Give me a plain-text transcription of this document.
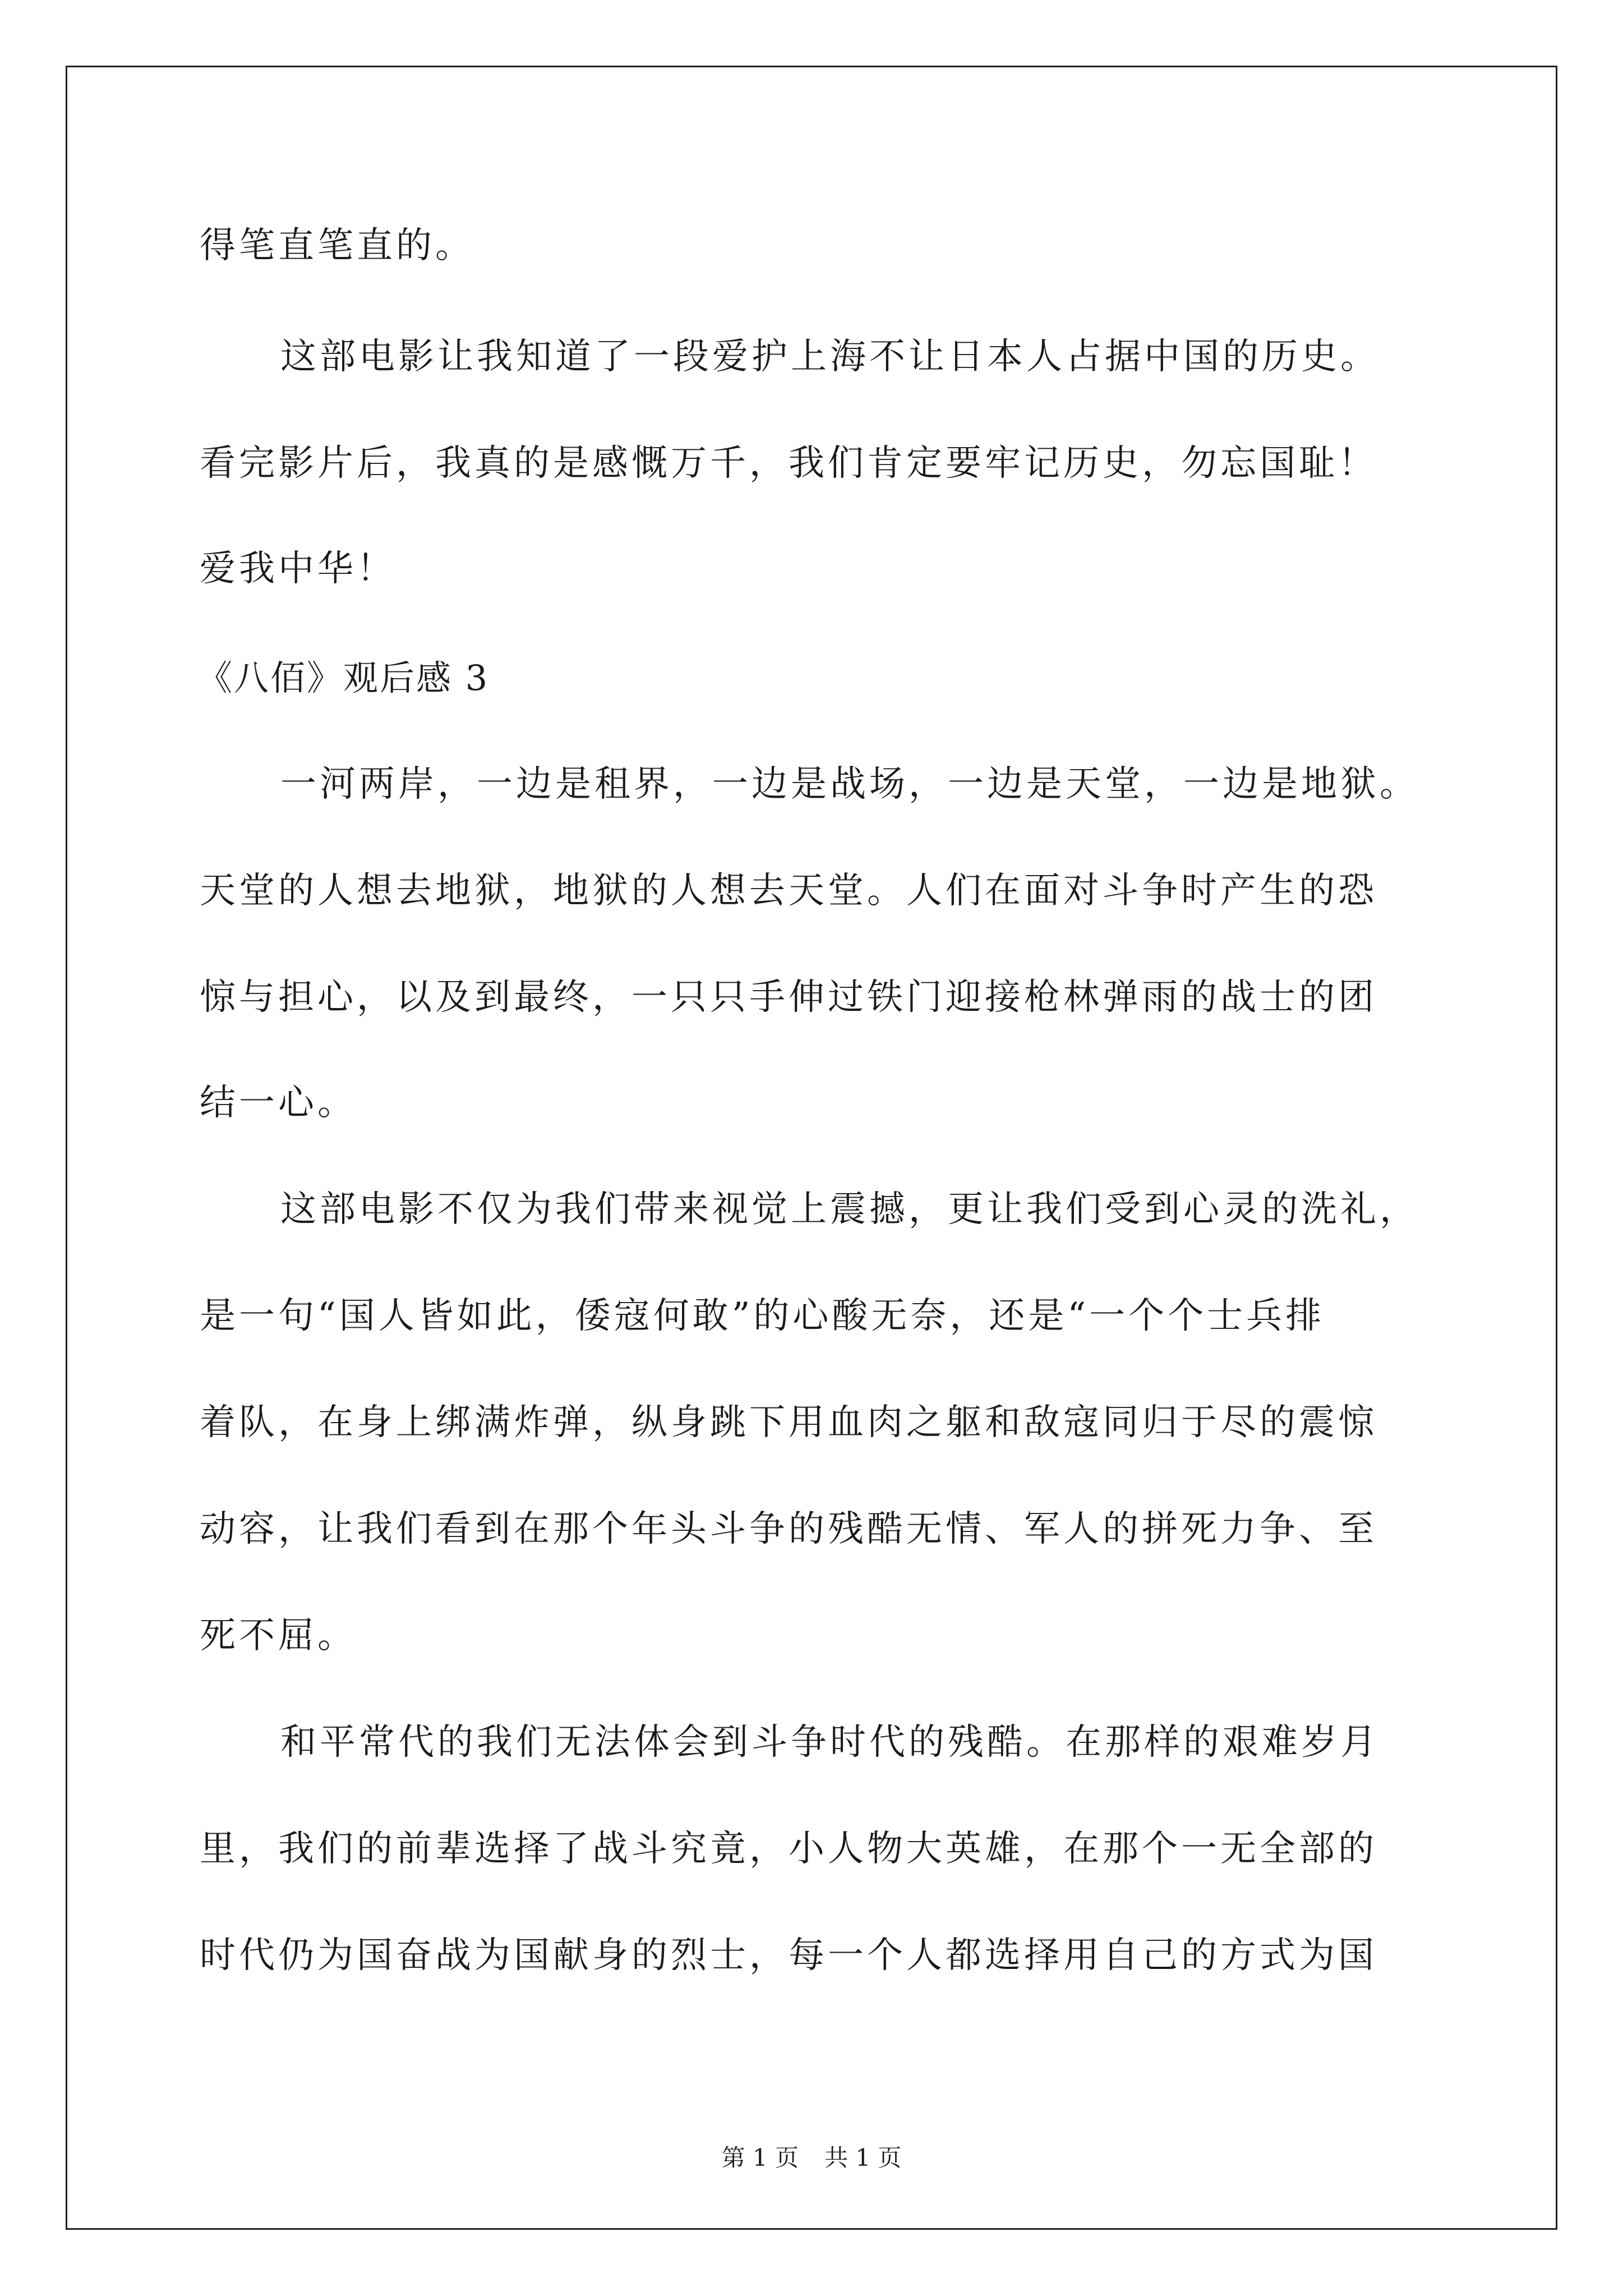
得笔直笔直的。
这部电影让我知道了一段爱护上海不让日本人占据中国的历史。
看完影片后，我真的是感慨万千，我们肯定要牢记历史，勿忘国耻！
爱我中华！
《八佰》观后感 3
一河两岸，一边是租界，一边是战场，一边是天堂，一边是地狱。
天堂的人想去地狱，地狱的人想去天堂。人们在面对斗争时产生的恐
惊与担心，以及到最终，一只只手伸过铁门迎接枪林弹雨的战士的团
结一心。
这部电影不仅为我们带来视觉上震撼，更让我们受到心灵的洗礼，
是一句“国人皆如此，倭寇何敢”的心酸无奈，还是“一个个士兵排
着队，在身上绑满炸弹，纵身跳下用血肉之躯和敌寇同归于尽的震惊
动容，让我们看到在那个年头斗争的残酷无情、军人的拼死力争、至
死不屈。
和平常代的我们无法体会到斗争时代的残酷。在那样的艰难岁月
里，我们的前辈选择了战斗究竟，小人物大英雄，在那个一无全部的
时代仍为国奋战为国献身的烈士，每一个人都选择用自己的方式为国
第 1 页 共 1 页
